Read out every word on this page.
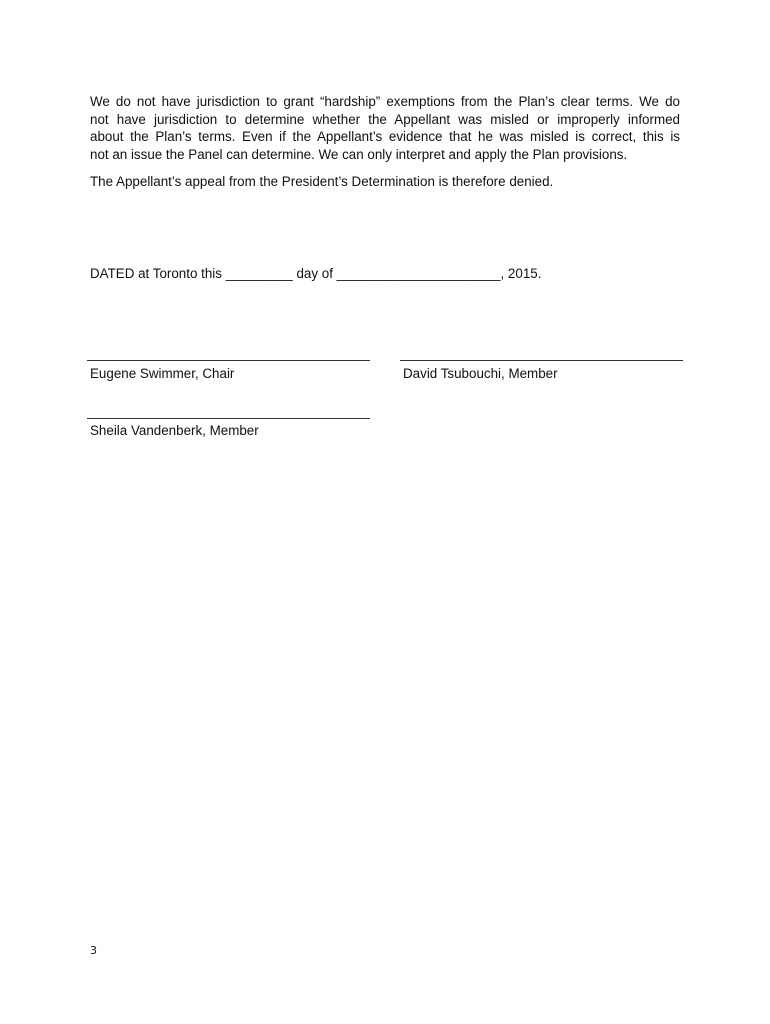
We do not have jurisdiction to grant “hardship” exemptions from the Plan’s clear terms. We do
not have jurisdiction to determine whether the Appellant was misled or improperly informed
about the Plan’s terms. Even if the Appellant’s evidence that he was misled is correct, this is
not an issue the Panel can determine. We can only interpret and apply the Plan provisions.
The Appellant’s appeal from the President’s Determination is therefore denied.
DATED at Toronto this _________ day of ______________________, 2015.
Eugene Swimmer, Chair	David Tsubouchi, Member
Sheila Vandenberk, Member
3
